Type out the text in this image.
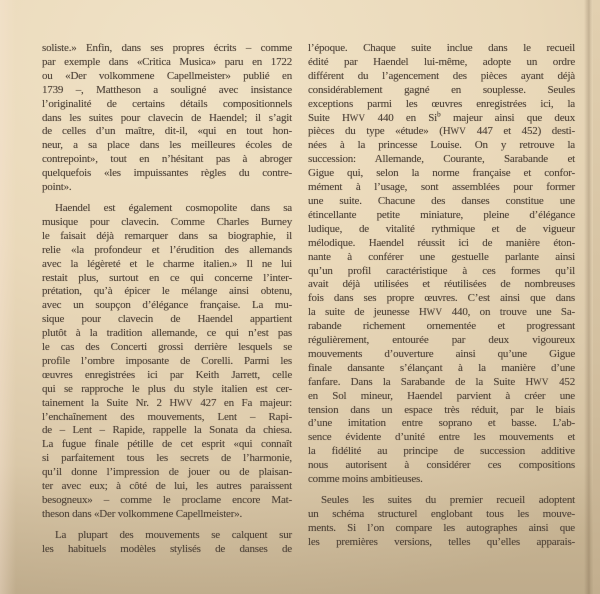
soliste.» Enfin, dans ses propres écrits – comme
par exemple dans «Critica Musica» paru en 1722
ou «Der volkommene Capellmeister» publié en
1739 –, Mattheson a souligné avec insistance
l’originalité de certains détails compositionnels
dans les suites pour clavecin de Haendel; il s’agit
de celles d’un maître, dit-il, «qui en tout hon-
neur, a sa place dans les meilleures écoles de
contrepoint», tout en n’hésitant pas à abroger
quelquefois «les impuissantes règles du contre-
point».
Haendel est également cosmopolite dans sa
musique pour clavecin. Comme Charles Burney
le faisait déjà remarquer dans sa biographie, il
relie «la profondeur et l’érudition des allemands
avec la légèreté et le charme italien.» Il ne lui
restait plus, surtout en ce qui concerne l’inter-
prétation, qu’à épicer le mélange ainsi obtenu,
avec un soupçon d’élégance française. La mu-
sique pour clavecin de Haendel appartient
plutôt à la tradition allemande, ce qui n’est pas
le cas des Concerti grossi derrière lesquels se
profile l’ombre imposante de Corelli. Parmi les
œuvres enregistrées ici par Keith Jarrett, celle
qui se rapproche le plus du style italien est cer-
tainement la Suite Nr. 2 HWV 427 en Fa majeur:
l’enchaînement des mouvements, Lent – Rapi-
de – Lent – Rapide, rappelle la Sonata da chiesa.
La fugue finale pétille de cet esprit «qui connaît
si parfaitement tous les secrets de l’harmonie,
qu’il donne l’impression de jouer ou de plaisan-
ter avec eux; à côté de lui, les autres paraissent
besogneux» – comme le proclame encore Mat-
theson dans «Der volkommene Capellmeister».
La plupart des mouvements se calquent sur
les habituels modèles stylisés de danses de
l’époque. Chaque suite inclue dans le recueil
édité par Haendel lui-même, adopte un ordre
différent du l’agencement des pièces ayant déjà
considérablement gagné en souplesse. Seules
exceptions parmi les œuvres enregistrées ici, la
Suite HWV 440 en Si$^b$ majeur ainsi que deux
pièces du type «étude» (HWV 447 et 452) desti-
nées à la princesse Louise. On y retrouve la
succession: Allemande, Courante, Sarabande et
Gigue qui, selon la norme française et confor-
mément à l’usage, sont assemblées pour former
une suite. Chacune des danses constitue une
étincellante petite miniature, pleine d’élégance
ludique, de vitalité rythmique et de vigueur
mélodique. Haendel réussit ici de manière éton-
nante à conférer une gestuelle parlante ainsi
qu’un profil caractéristique à ces formes qu’il
avait déjà utilisées et réutilisées de nombreuses
fois dans ses propre œuvres. C’est ainsi que dans
la suite de jeunesse HWV 440, on trouve une Sa-
rabande richement ornementée et progressant
régulièrement, entourée par deux vigoureux
mouvements d’ouverture ainsi qu’une Gigue
finale dansante s’élançant à la manière d’une
fanfare. Dans la Sarabande de la Suite HWV 452
en Sol mineur, Haendel parvient à créer une
tension dans un espace très réduit, par le biais
d’une imitation entre soprano et basse. L’ab-
sence évidente d’unité entre les mouvements et
la fidélité au principe de succession additive
nous autorisent à considérer ces compositions
comme moins ambitieuses.
Seules les suites du premier recueil adoptent
un schéma structurel englobant tous les mouve-
ments. Si l’on compare les autographes ainsi que
les premières versions, telles qu’elles apparais-
